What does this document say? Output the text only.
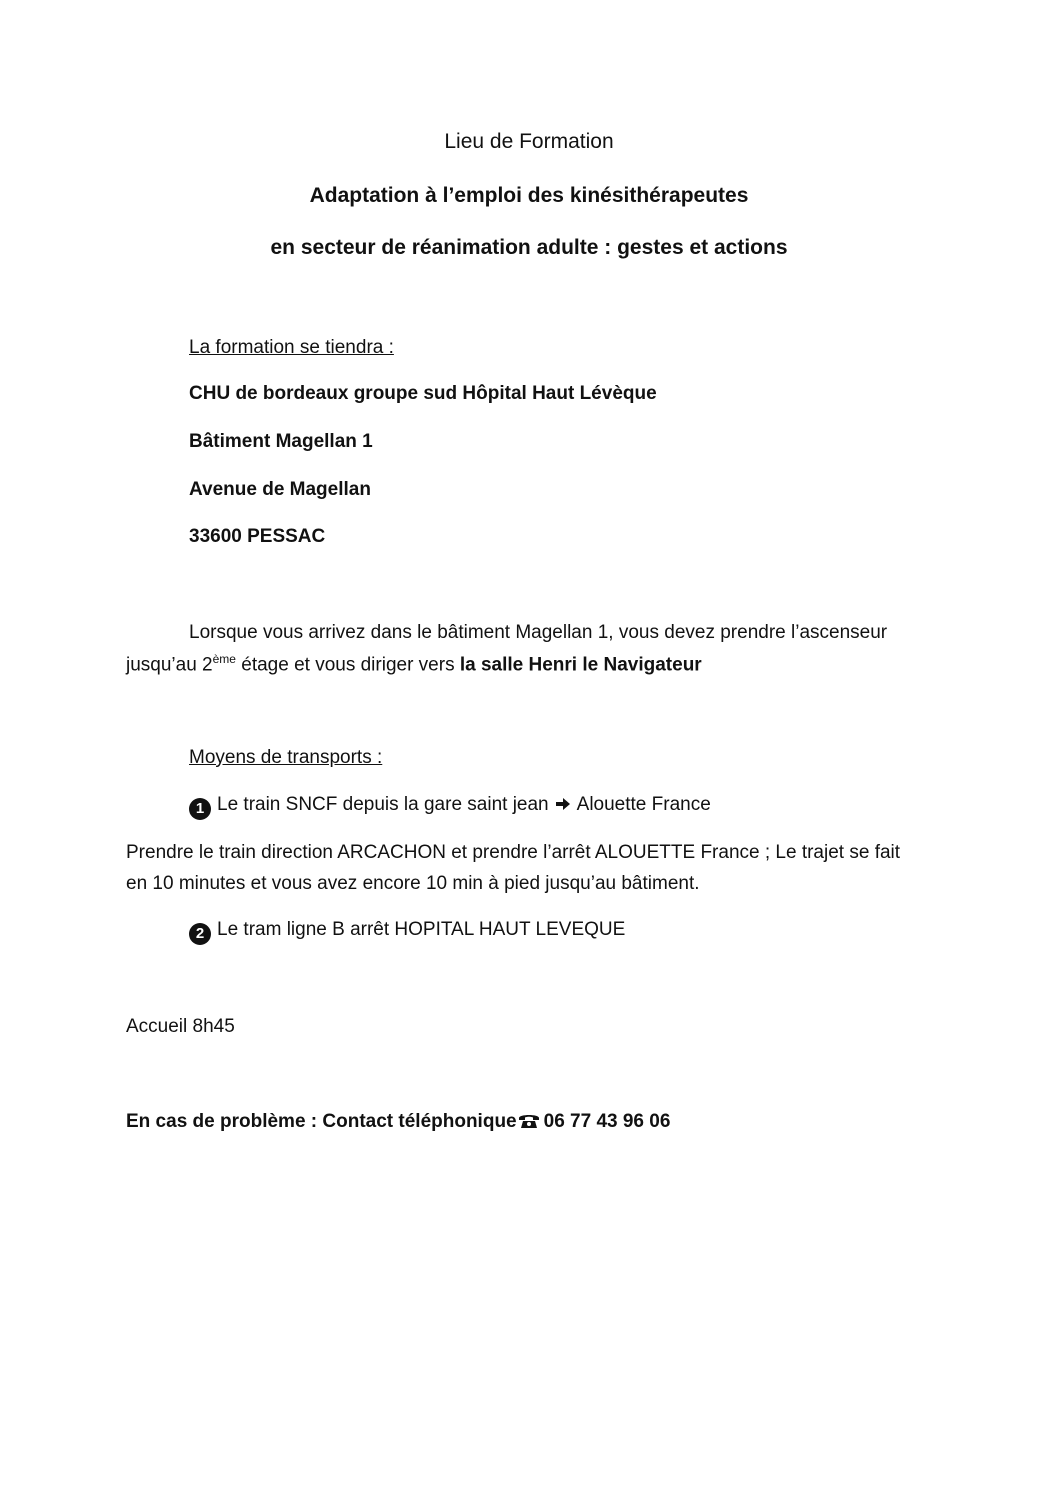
Lieu de Formation
Adaptation à l’emploi des kinésithérapeutes
en secteur de réanimation adulte : gestes et actions
La formation se tiendra :
CHU de bordeaux groupe sud Hôpital Haut Lévèque
Bâtiment Magellan 1
Avenue de Magellan
33600 PESSAC
Lorsque vous arrivez dans le bâtiment Magellan 1, vous devez prendre l’ascenseur
jusqu’au 2ème étage et vous diriger vers la salle Henri le Navigateur
Moyens de transports :
1 Le train SNCF depuis la gare saint jean Alouette France
Prendre le train direction ARCACHON et prendre l’arrêt ALOUETTE France ; Le trajet se fait
en 10 minutes et vous avez encore 10 min à pied jusqu’au bâtiment.
2 Le tram ligne B arrêt HOPITAL HAUT LEVEQUE
Accueil 8h45
En cas de problème : Contact téléphonique 06 77 43 96 06
